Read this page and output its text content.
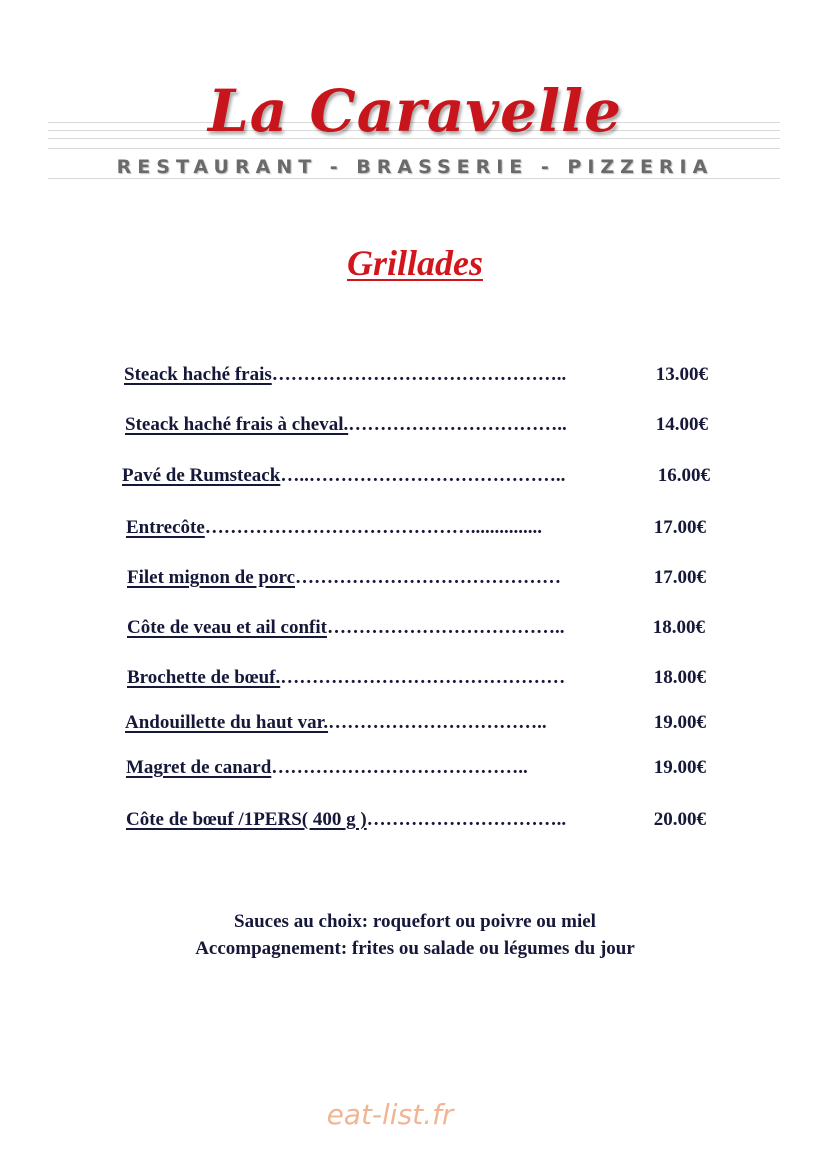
La Caravelle
RESTAURANT - BRASSERIE - PIZZERIA
Grillades
Steack haché frais ………………………………………..	13.00€
Steack haché frais à cheval. ……………………………..	14.00€
Pavé de Rumsteack …..…………………………………..	16.00€
Entrecôte ……………………………………...............	17.00€
Filet mignon de porc ……………………………………	17.00€
Côte de veau et ail confit ………………………………..	18.00€
Brochette de bœuf. ………………………………………	18.00€
Andouillette du haut var. ……………………………..	19.00€
Magret de canard …………………………………..	19.00€
Côte de bœuf /1PERS( 400 g ) …………………………..	20.00€
Sauces au choix: roquefort ou poivre ou miel
Accompagnement: frites ou salade ou légumes du jour
eat-list.fr
